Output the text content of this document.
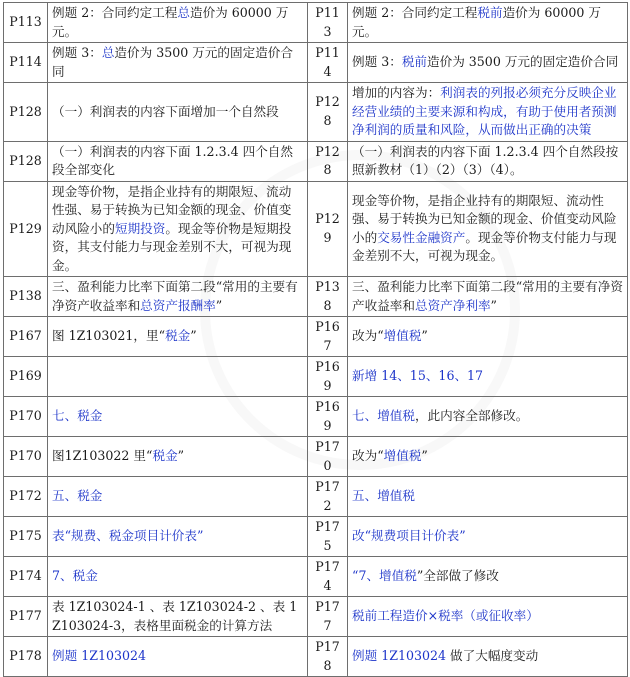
P113	例题 2：合同约定工程总造价为 60000 万元。	P113	例题 2：合同约定工程税前造价为 60000 万元。
P114	例题 3：总造价为 3500 万元的固定造价合同	P114	例题 3：税前造价为 3500 万元的固定造价合同
P128	（一）利润表的内容下面增加一个自然段	P128	增加的内容为：利润表的列报必须充分反映企业经营业绩的主要来源和构成，有助于使用者预测净利润的质量和风险，从而做出正确的决策
P128	（一）利润表的内容下面 1.2.3.4 四个自然段全部变化	P128	（一）利润表的内容下面 1.2.3.4 四个自然段按照新教材（1）（2）（3）（4）。
P129	现金等价物，是指企业持有的期限短、流动性强、易于转换为已知金额的现金、价值变动风险小的短期投资。现金等价物是短期投资，其支付能力与现金差别不大，可视为现金。	P129	现金等价物，是指企业持有的期限短、流动性强、易于转换为已知金额的现金、价值变动风险小的交易性金融资产。现金等价物支付能力与现金差别不大，可视为现金。
P138	三、盈利能力比率下面第二段“常用的主要有净资产收益率和总资产报酬率”	P138	三、盈利能力比率下面第二段“常用的主要有净资产收益率和总资产净利率”
P167	图 1Z103021，里“税金”	P167	改为“增值税”
P169		P169	新增 14、15、16、17
P170	七、税金	P169	七、增值税，此内容全部修改。
P170	图1Z103022 里“税金”	P170	改为“增值税”
P172	五、税金	P172	五、增值税
P175	表“规费、税金项目计价表”	P175	改“规费项目计价表”
P174	7、税金	P174	“7、增值税”全部做了修改
P177	表 1Z103024-1 、表 1Z103024-2 、表 1Z103024-3，表格里面税金的计算方法	P177	税前工程造价×税率（或征收率）
P178	例题 1Z103024	P178	例题 1Z103024 做了大幅度变动
